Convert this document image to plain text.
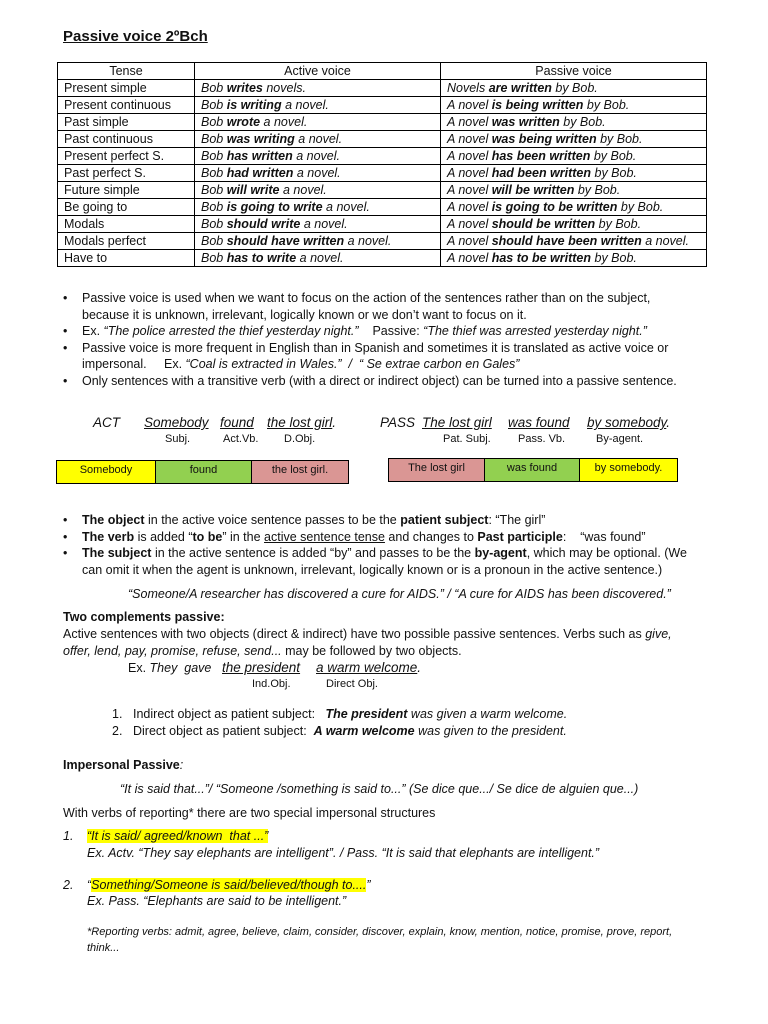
Passive voice 2ºBch
Tense	Active voice	Passive voice
Present simple	Bob writes novels.	Novels are written by Bob.
Present continuous	Bob is writing a novel.	A novel is being written by Bob.
Past simple	Bob wrote a novel.	A novel was written by Bob.
Past continuous	Bob was writing a novel.	A novel was being written by Bob.
Present perfect S.	Bob has written a novel.	A novel has been written by Bob.
Past perfect S.	Bob had written a novel.	A novel had been written by Bob.
Future simple	Bob will write a novel.	A novel will be written by Bob.
Be going to	Bob is going to write a novel.	A novel is going to be written by Bob.
Modals	Bob should write a novel.	A novel should be written by Bob.
Modals perfect	Bob should have written a novel.	A novel should have been written a novel.
Have to	Bob has to write a novel.	A novel has to be written by Bob.
• Passive voice is used when we want to focus on the action of the sentences rather than on the subject,
because it is unknown, irrelevant, logically known or we don’t want to focus on it.
• Ex. “The police arrested the thief yesterday night.”    Passive: “The thief was arrested yesterday night.”
• Passive voice is more frequent in English than in Spanish and sometimes it is translated as active voice or
impersonal.     Ex. “Coal is extracted in Wales.”  /  “ Se extrae carbon en Gales”
• Only sentences with a transitive verb (with a direct or indirect object) can be turned into a passive sentence.
ACT Somebody found the lost girl.
Subj.	Act.Vb. D.Obj.
PASS The lost girl was found by somebody.
Pat. Subj. Pass. Vb.	By-agent.
Somebody	found	the lost girl.	The lost girl	was found	by somebody.
• The object in the active voice sentence passes to be the patient subject: “The girl”
• The verb is added “to be” in the active sentence tense and changes to Past participle:    “was found”
• The subject in the active sentence is added “by” and passes to be the by-agent, which may be optional. (We
can omit it when the agent is unknown, irrelevant, logically known or is a pronoun in the active sentence.)
“Someone/A researcher has discovered a cure for AIDS.” / “A cure for AIDS has been discovered.”
Two complements passive:
Active sentences with two objects (direct & indirect) have two possible passive sentences. Verbs such as give,
offer, lend, pay, promise, refuse, send... may be followed by two objects.
Ex. They  gave the president a warm welcome.
Ind.Obj.	Direct Obj.
1. Indirect object as patient subject:   The president was given a warm welcome.
2. Direct object as patient subject:  A warm welcome was given to the president.
Impersonal Passive:
“It is said that...”/ “Someone /something is said to...” (Se dice que.../ Se dice de alguien que...)
With verbs of reporting* there are two special impersonal structures
1. “It is said/ agreed/known  that ...”
Ex. Actv. “They say elephants are intelligent”. / Pass. “It is said that elephants are intelligent.”
2. “Something/Someone is said/believed/though to....”
Ex. Pass. “Elephants are said to be intelligent.”
*Reporting verbs: admit, agree, believe, claim, consider, discover, explain, know, mention, notice, promise, prove, report,
think...
